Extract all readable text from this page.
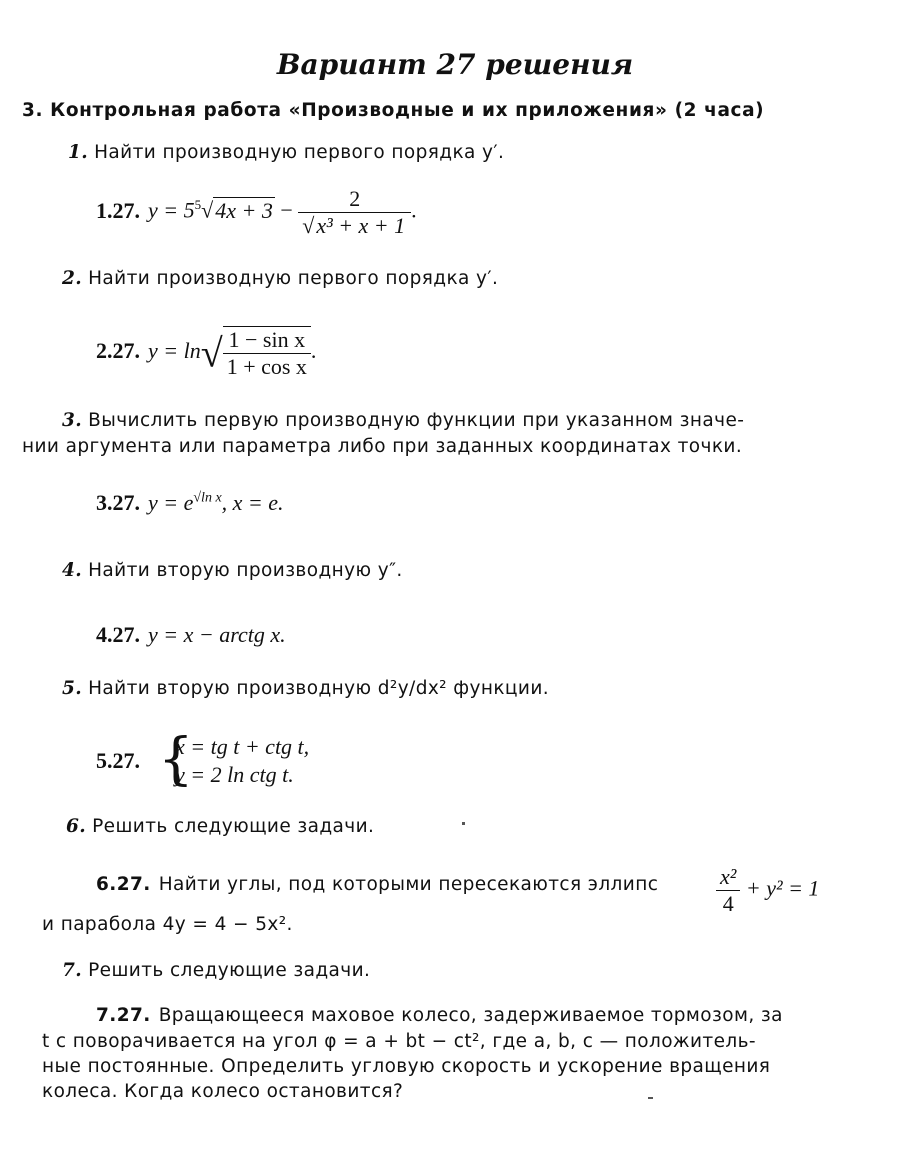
Вариант 27 решения
3. Контрольная работа «Производные и их приложения» (2 часа)
1. Найти производную первого порядка y′.
1.27. $y = 5^5√4x + 3 - \frac{2}{\text{√x³ + x + 1}}$ .
2. Найти производную первого порядка y′.
2.27. $y = \ln√ \frac{\text{1 − sin x}}{\text{1 + cos x}}$ .
3. Вычислить первую производную функции при указанном значе-
нии аргумента или параметра либо при заданных координатах точки.
3.27. $y = e^{√ln x}$, x = e.
4. Найти вторую производную y″.
4.27. y = x − arctg x.
5. Найти вторую производную d²y/dx² функции.
5.27. {
x = tg t + ctg t,
y = 2 ln ctg t.
6. Решить следующие задачи.
6.27. Найти углы, под которыми пересекаются эллипс	$\frac{\text{x²}}{4} + y^2 = 1$
и парабола 4y = 4 − 5x².
7. Решить следующие задачи.
7.27. Вращающееся маховое колесо, задерживаемое тормозом, за
t с поворачивается на угол φ = a + bt − ct², где a, b, c — положитель-
ные постоянные. Определить угловую скорость и ускорение вращения
колеса. Когда колесо остановится?
